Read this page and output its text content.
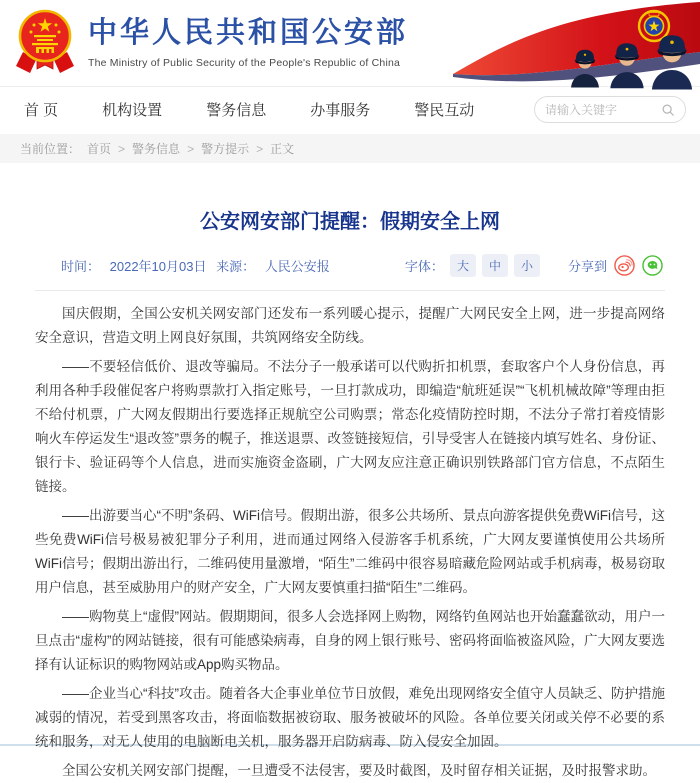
中华人民共和国公安部
The Ministry of Public Security of the People's Republic of China
首 页	机构设置	警务信息	办事服务	警民互动
请输入关键字
当前位置： 首页 > 警务信息 > 警方提示 > 正文
公安网安部门提醒：假期安全上网
时间： 2022年10月03日 来源： 人民公安报	字体：	大	中	小	分享到

国庆假期，全国公安机关网安部门还发布一系列暖心提示，提醒广大网民安全上网，进一步提高网络安全意识，营造文明上网良好氛围，共筑网络安全防线。

——不要轻信低价、退改等骗局。不法分子一般承诺可以代购折扣机票，套取客户个人身份信息，再利用各种手段催促客户将购票款打入指定账号，一旦打款成功，即编造“航班延误”“飞机机械故障”等理由拒不给付机票，广大网友假期出行要选择正规航空公司购票；常态化疫情防控时期，不法分子常打着疫情影响火车停运发生“退改签”票务的幌子，推送退票、改签链接短信，引导受害人在链接内填写姓名、身份证、银行卡、验证码等个人信息，进而实施资金盗刷，广大网友应注意正确识别铁路部门官方信息，不点陌生链接。

——出游要当心“不明”条码、WiFi信号。假期出游，很多公共场所、景点向游客提供免费WiFi信号，这些免费WiFi信号极易被犯罪分子利用，进而通过网络入侵游客手机系统，广大网友要谨慎使用公共场所WiFi信号；假期出游出行，二维码使用量激增，“陌生”二维码中很容易暗藏危险网站或手机病毒，极易窃取用户信息，甚至威胁用户的财产安全，广大网友要慎重扫描“陌生”二维码。

——购物莫上“虚假”网站。假期期间，很多人会选择网上购物，网络钓鱼网站也开始蠢蠢欲动，用户一旦点击“虚构”的网站链接，很有可能感染病毒，自身的网上银行账号、密码将面临被盗风险，广大网友要选择有认证标识的购物网站或App购买物品。

——企业当心“科技”攻击。随着各大企事业单位节日放假，难免出现网络安全值守人员缺乏、防护措施减弱的情况，若受到黑客攻击，将面临数据被窃取、服务被破坏的风险。各单位要关闭或关停不必要的系统和服务，对无人使用的电脑断电关机，服务器开启防病毒、防入侵安全加固。

全国公安机关网安部门提醒，一旦遭受不法侵害，要及时截图，及时留存相关证据，及时报警求助。
